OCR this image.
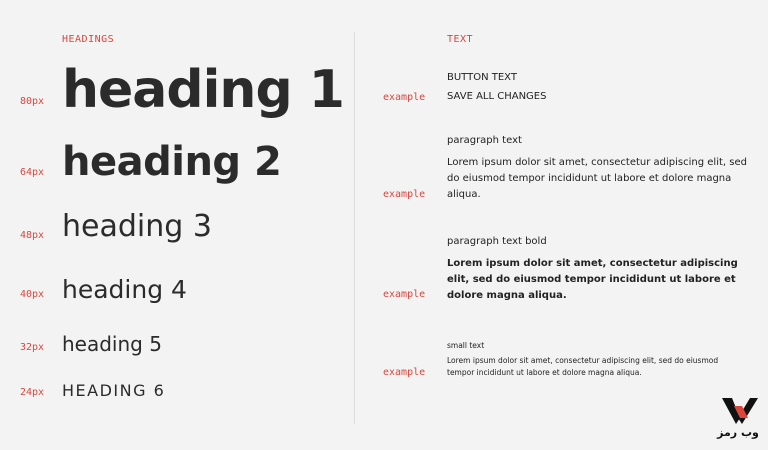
HEADINGS
80px heading 1
64px heading 2
48px heading 3
40px heading 4
32px heading 5
24px HEADING 6
TEXT
BUTTON TEXT
example SAVE ALL CHANGES
paragraph text
Lorem ipsum dolor sit amet, consectetur adipiscing elit, sed do eiusmod tempor incididunt ut labore et dolore magna aliqua.
example
paragraph text bold
Lorem ipsum dolor sit amet, consectetur adipiscing elit, sed do eiusmod tempor incididunt ut labore et dolore magna aliqua.
example
small text
Lorem ipsum dolor sit amet, consectetur adipiscing elit, sed do eiusmod tempor incididunt ut labore et dolore magna aliqua.
example
وب رمز
